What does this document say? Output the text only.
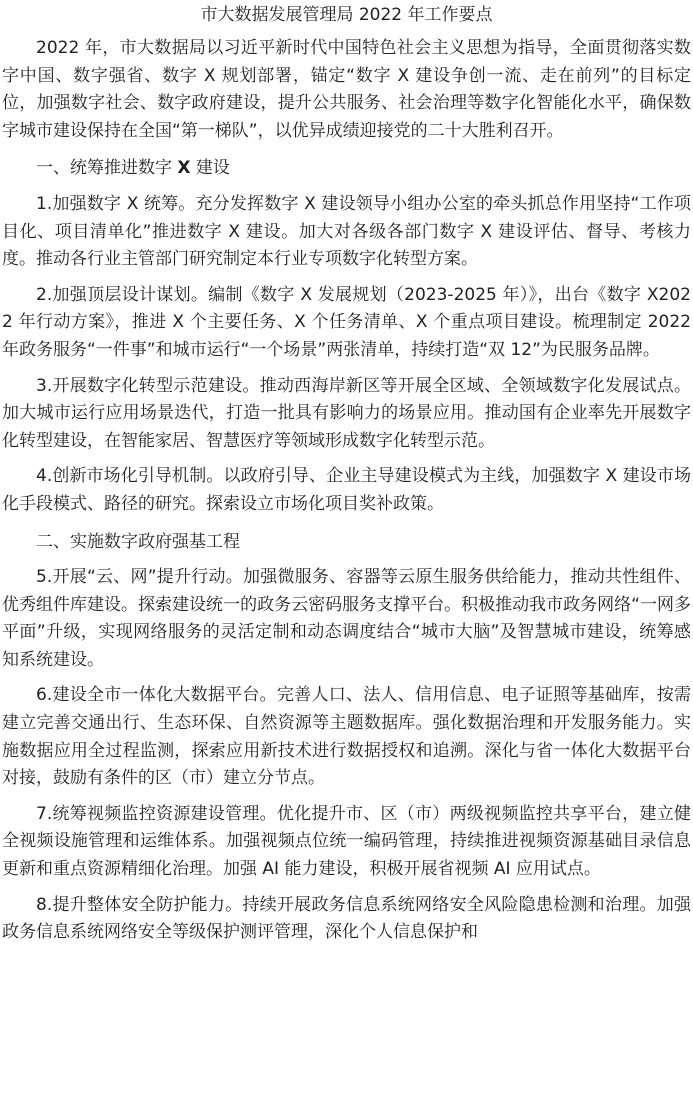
市大数据发展管理局 2022 年工作要点

2022 年，市大数据局以习近平新时代中国特色社会主义思想为指导，全面贯彻落实数字中国、数字强省、数字 X 规划部署，锚定“数字 X 建设争创一流、走在前列”的目标定位，加强数字社会、数字政府建设，提升公共服务、社会治理等数字化智能化水平，确保数字城市建设保持在全国“第一梯队”，以优异成绩迎接党的二十大胜利召开。

一、统筹推进数字 X 建设

1.加强数字 X 统筹。充分发挥数字 X 建设领导小组办公室的牵头抓总作用坚持“工作项目化、项目清单化”推进数字 X 建设。加大对各级各部门数字 X 建设评估、督导、考核力度。推动各行业主管部门研究制定本行业专项数字化转型方案。

2.加强顶层设计谋划。编制《数字 X 发展规划（2023-2025 年）》，出台《数字 X2022 年行动方案》，推进 X 个主要任务、X 个任务清单、X 个重点项目建设。梳理制定 2022 年政务服务“一件事”和城市运行“一个场景”两张清单，持续打造“双 12”为民服务品牌。

3.开展数字化转型示范建设。推动西海岸新区等开展全区域、全领域数字化发展试点。加大城市运行应用场景迭代，打造一批具有影响力的场景应用。推动国有企业率先开展数字化转型建设，在智能家居、智慧医疗等领域形成数字化转型示范。

4.创新市场化引导机制。以政府引导、企业主导建设模式为主线，加强数字 X 建设市场化手段模式、路径的研究。探索设立市场化项目奖补政策。

二、实施数字政府强基工程

5.开展“云、网”提升行动。加强微服务、容器等云原生服务供给能力，推动共性组件、优秀组件库建设。探索建设统一的政务云密码服务支撑平台。积极推动我市政务网络“一网多平面”升级，实现网络服务的灵活定制和动态调度结合“城市大脑”及智慧城市建设，统筹感知系统建设。

6.建设全市一体化大数据平台。完善人口、法人、信用信息、电子证照等基础库，按需建立完善交通出行、生态环保、自然资源等主题数据库。强化数据治理和开发服务能力。实施数据应用全过程监测，探索应用新技术进行数据授权和追溯。深化与省一体化大数据平台对接，鼓励有条件的区（市）建立分节点。

7.统筹视频监控资源建设管理。优化提升市、区（市）两级视频监控共享平台，建立健全视频设施管理和运维体系。加强视频点位统一编码管理，持续推进视频资源基础目录信息更新和重点资源精细化治理。加强 AI 能力建设，积极开展省视频 AI 应用试点。

8.提升整体安全防护能力。持续开展政务信息系统网络安全风险隐患检测和治理。加强政务信息系统网络安全等级保护测评管理，深化个人信息保护和
